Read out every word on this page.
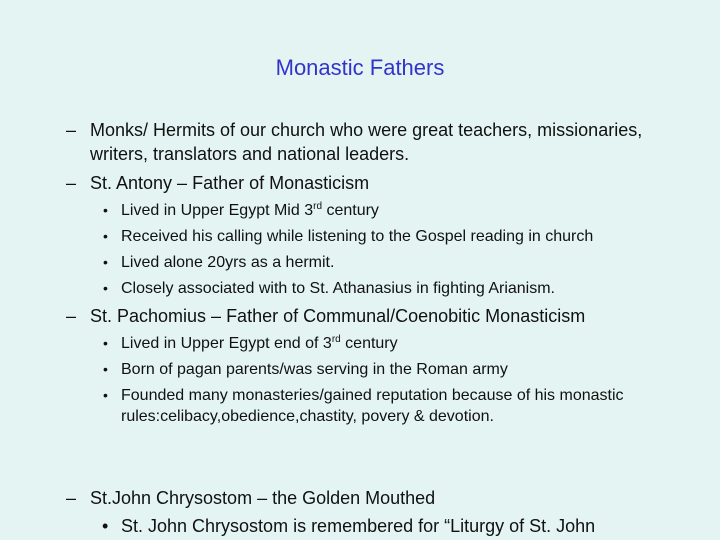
Monastic Fathers
– Monks/ Hermits of our church who were great teachers, missionaries, writers, translators and national leaders.
– St. Antony – Father of Monasticism
• Lived in Upper Egypt Mid 3rd century
• Received his calling while listening to the Gospel reading in church
• Lived alone 20yrs as a hermit.
• Closely associated with to St. Athanasius in fighting Arianism.
– St. Pachomius – Father of Communal/Coenobitic Monasticism
• Lived in Upper Egypt end of 3rd century
• Born of pagan parents/was serving in the Roman army
• Founded many monasteries/gained reputation because of his monastic rules:celibacy,obedience,chastity, povery & devotion.
– St.John Chrysostom – the Golden Mouthed
• St. John Chrysostom is remembered for “Liturgy of St. John
